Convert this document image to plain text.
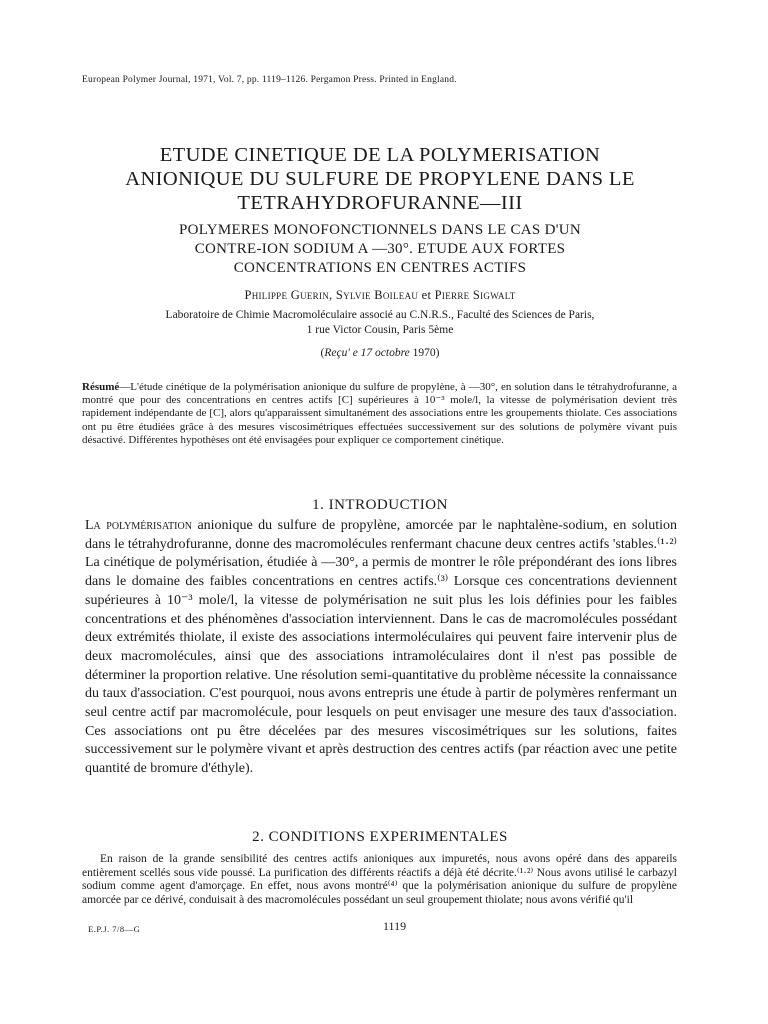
European Polymer Journal, 1971, Vol. 7, pp. 1119–1126. Pergamon Press. Printed in England.
ETUDE CINETIQUE DE LA POLYMERISATION
ANIONIQUE DU SULFURE DE PROPYLENE DANS LE
TETRAHYDROFURANNE—III
POLYMERES MONOFONCTIONNELS DANS LE CAS D'UN
CONTRE-ION SODIUM A —30°. ETUDE AUX FORTES
CONCENTRATIONS EN CENTRES ACTIFS
Philippe Guerin, Sylvie Boileau et Pierre Sigwalt
Laboratoire de Chimie Macromoléculaire associé au C.N.R.S., Faculté des Sciences de Paris,
1 rue Victor Cousin, Paris 5ème
(Reçu' e 17 octobre 1970)
Résumé—L'étude cinétique de la polymérisation anionique du sulfure de propylène, à —30°, en solution dans le tétrahydrofuranne, a montré que pour des concentrations en centres actifs [C] supérieures à 10⁻³ mole/l, la vitesse de polymérisation devient très rapidement indépendante de [C], alors qu'apparaissent simultanément des associations entre les groupements thiolate. Ces associations ont pu être étudiées grâce à des mesures viscosimétriques effectuées successivement sur des solutions de polymère vivant puis désactivé. Différentes hypothèses ont été envisagées pour expliquer ce comportement cinétique.
1. INTRODUCTION
La polymérisation anionique du sulfure de propylène, amorcée par le naphtalène-sodium, en solution dans le tétrahydrofuranne, donne des macromolécules renfermant chacune deux centres actifs 'stables.⁽¹·²⁾ La cinétique de polymérisation, étudiée à —30°, a permis de montrer le rôle prépondérant des ions libres dans le domaine des faibles concentrations en centres actifs.⁽³⁾ Lorsque ces concentrations deviennent supérieures à 10⁻³ mole/l, la vitesse de polymérisation ne suit plus les lois définies pour les faibles concentrations et des phénomènes d'association interviennent. Dans le cas de macromolécules possédant deux extrémités thiolate, il existe des associations intermoléculaires qui peuvent faire intervenir plus de deux macromolécules, ainsi que des associations intramoléculaires dont il n'est pas possible de déterminer la proportion relative. Une résolution semi-quantitative du problème nécessite la connaissance du taux d'association. C'est pourquoi, nous avons entrepris une étude à partir de polymères renfermant un seul centre actif par macromolécule, pour lesquels on peut envisager une mesure des taux d'association. Ces associations ont pu être décelées par des mesures viscosimétriques sur les solutions, faites successivement sur le polymère vivant et après destruction des centres actifs (par réaction avec une petite quantité de bromure d'éthyle).
2. CONDITIONS EXPERIMENTALES
En raison de la grande sensibilité des centres actifs anioniques aux impuretés, nous avons opéré dans des appareils entièrement scellés sous vide poussé. La purification des différents réactifs a déjà été décrite.⁽¹·²⁾ Nous avons utilisé le carbazyl sodium comme agent d'amorçage. En effet, nous avons montré⁽⁴⁾ que la polymérisation anionique du sulfure de propylène amorcée par ce dérivé, conduisait à des macromolécules possédant un seul groupement thiolate; nous avons vérifié qu'il
E.P.J. 7/8—G	1119
